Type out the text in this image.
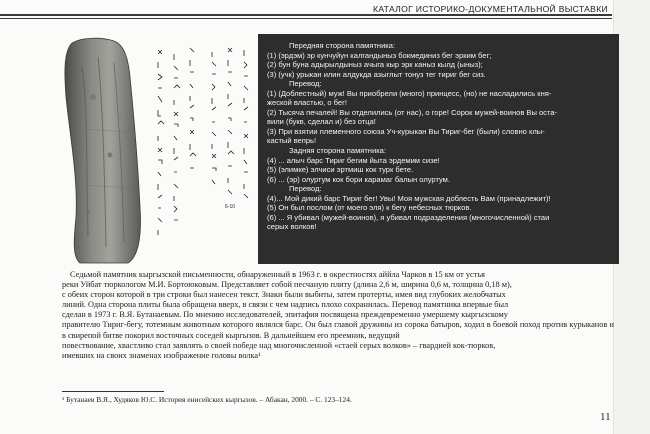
КАТАЛОГ ИСТОРИКО-ДОКУМЕНТАЛЬНОЙ ВЫСТАВКИ
6-10
Передняя сторона памятника:
(1) (эрдэм) эр кунчуйун калгандыныз бокмединиз бег эрким бег;
(2) бун буна адырылдыныз ачыга кыр эрк каныз кылд (ыныз);
(3) (учк) урыкан илин алдукда азыглыт тонуз тег тириг бег сиз.
Перевод:
(1) (Доблестный) муж! Вы приобрели (много) принцесс, (но) не насладились кня-
жеской властью, о бег!
(2) Тысяча печалей! Вы отделились (от нас), о горе! Сорок мужей-воинов Вы оста-
вили (букв, сделал и) без отца!
(3) При взятии племенного союза Уч-курыкан Вы Тириг-бег (были) словно клы-
кастый вепрь!
Задняя сторона памятника:
(4) ... алыч барс Тириг бегим йыта эрдемим сизе!
(5) (элимке) элчиси эртмиш кок турк бете.
(6) ... (эр) олуртум кок бори карамаг балын олуртум.
Перевод:
(4)... Мой дикий барс Тириг бег! Увы! Моя мужская доблесть Вам (принадлежит)!
(5) Он был послом (от моего эля) к бегу небесных тюрков.
(6) ... Я убивал (мужей-воинов), я убивал подразделения (многочисленной) стаи
серых волков!
Седьмой памятник кыргызской письменности, обнаруженный в 1963 г. в окрестностях аййла Чарков в 15 км от устья
реки Уйбат тюркологом М.И. Бортоюковым. Представляет собой песчаную плиту (длина 2,6 м, ширина 0,6 м, толщина 0,18 м),
с обеих сторон которой в три строки был нанесен текст. Знаки были выбиты, затем протерты, имея вид глубоких желобчатых
линий. Одна сторона плиты была обращена вверх, в связи с чем надпись плохо сохранилась. Перевод памятника впервые был
сделан в 1973 г. В.Я. Бутанаевым. По мнению исследователей, эпитафия посвящена преждевременно умершему кыргызскому
правителю Тириг-бегу, тотемным животным которого являлся барс. Он был главой дружины из сорока батыров, ходил в боевой поход против курыканов и в свирепой битве покорил восточных соседей кыргызов. В дальнейшем его преемник, ведущий
повествование, хвастливо стал заявлять о своей победе над многочисленной «стаей серых волков» – гвардией кок-тюрков,
имевших на своих знаменах изображение головы волка¹
¹ Бутанаев В.Я., Худяков Ю.С. История енисейских кыргызов. – Абакан, 2000. – С. 123–124.
11
